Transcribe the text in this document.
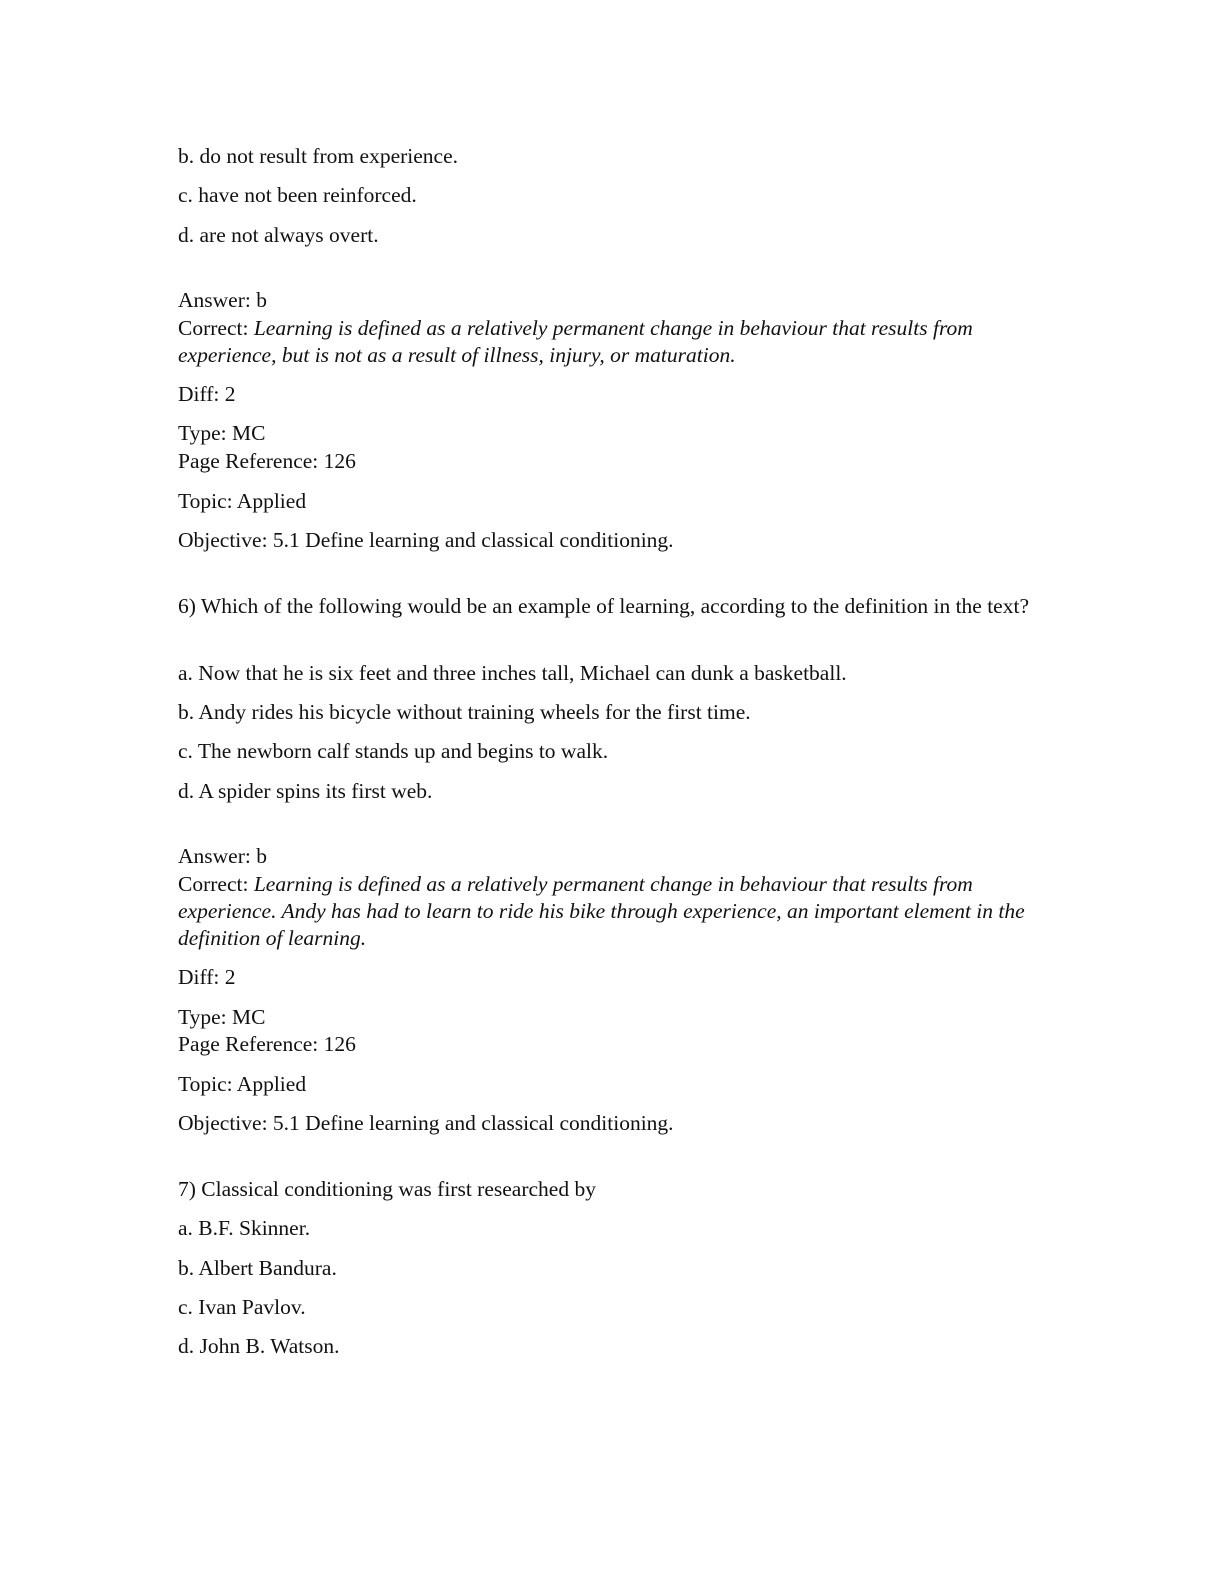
b. do not result from experience.
c. have not been reinforced.
d. are not always overt.
Answer: b
Correct: Learning is defined as a relatively permanent change in behaviour that results from experience, but is not as a result of illness, injury, or maturation.
Diff: 2
Type: MC
Page Reference: 126
Topic: Applied
Objective: 5.1 Define learning and classical conditioning.
6) Which of the following would be an example of learning, according to the definition in the text?
a. Now that he is six feet and three inches tall, Michael can dunk a basketball.
b. Andy rides his bicycle without training wheels for the first time.
c. The newborn calf stands up and begins to walk.
d. A spider spins its first web.
Answer: b
Correct: Learning is defined as a relatively permanent change in behaviour that results from experience. Andy has had to learn to ride his bike through experience, an important element in the definition of learning.
Diff: 2
Type: MC
Page Reference: 126
Topic: Applied
Objective: 5.1 Define learning and classical conditioning.
7) Classical conditioning was first researched by
a. B.F. Skinner.
b. Albert Bandura.
c. Ivan Pavlov.
d. John B. Watson.
